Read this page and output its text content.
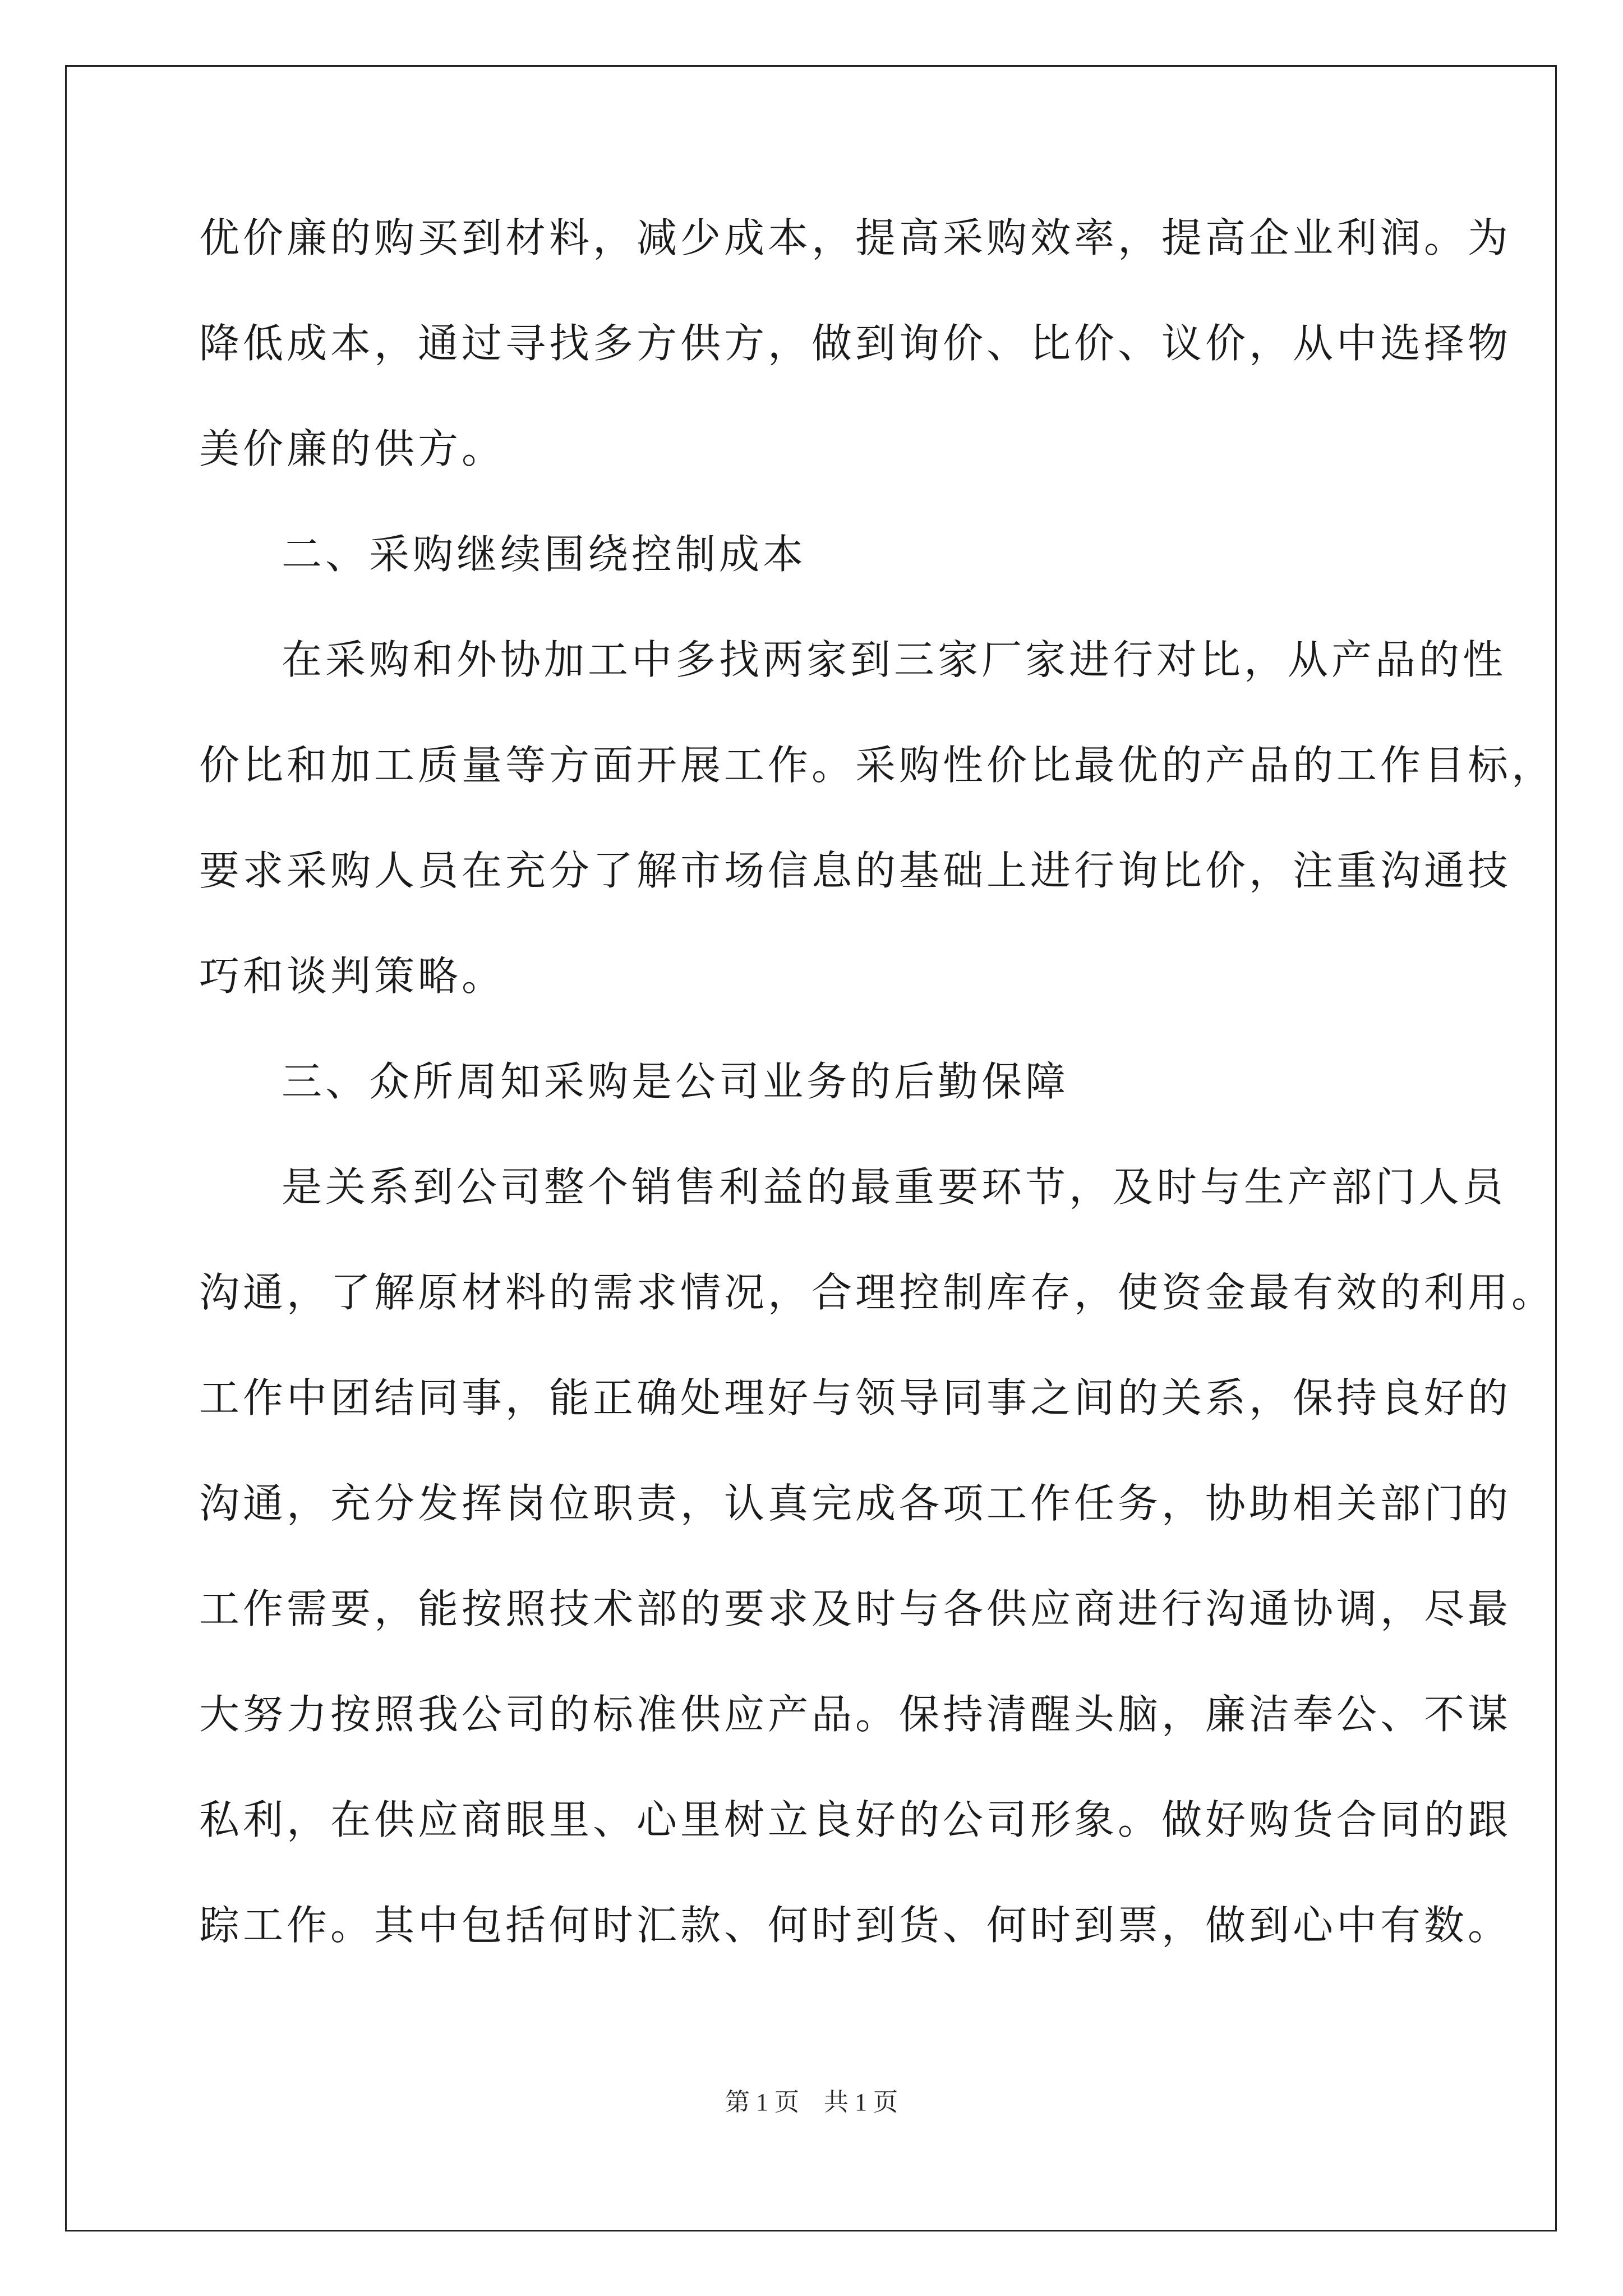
优价廉的购买到材料，减少成本，提高采购效率，提高企业利润。为
降低成本，通过寻找多方供方，做到询价、比价、议价，从中选择物
美价廉的供方。
二、采购继续围绕控制成本
在采购和外协加工中多找两家到三家厂家进行对比，从产品的性
价比和加工质量等方面开展工作。采购性价比最优的产品的工作目标，
要求采购人员在充分了解市场信息的基础上进行询比价，注重沟通技
巧和谈判策略。
三、众所周知采购是公司业务的后勤保障
是关系到公司整个销售利益的最重要环节，及时与生产部门人员
沟通，了解原材料的需求情况，合理控制库存，使资金最有效的利用。
工作中团结同事，能正确处理好与领导同事之间的关系，保持良好的
沟通，充分发挥岗位职责，认真完成各项工作任务，协助相关部门的
工作需要，能按照技术部的要求及时与各供应商进行沟通协调，尽最
大努力按照我公司的标准供应产品。保持清醒头脑，廉洁奉公、不谋
私利，在供应商眼里、心里树立良好的公司形象。做好购货合同的跟
踪工作。其中包括何时汇款、何时到货、何时到票，做到心中有数。
第 1 页　共 1 页
